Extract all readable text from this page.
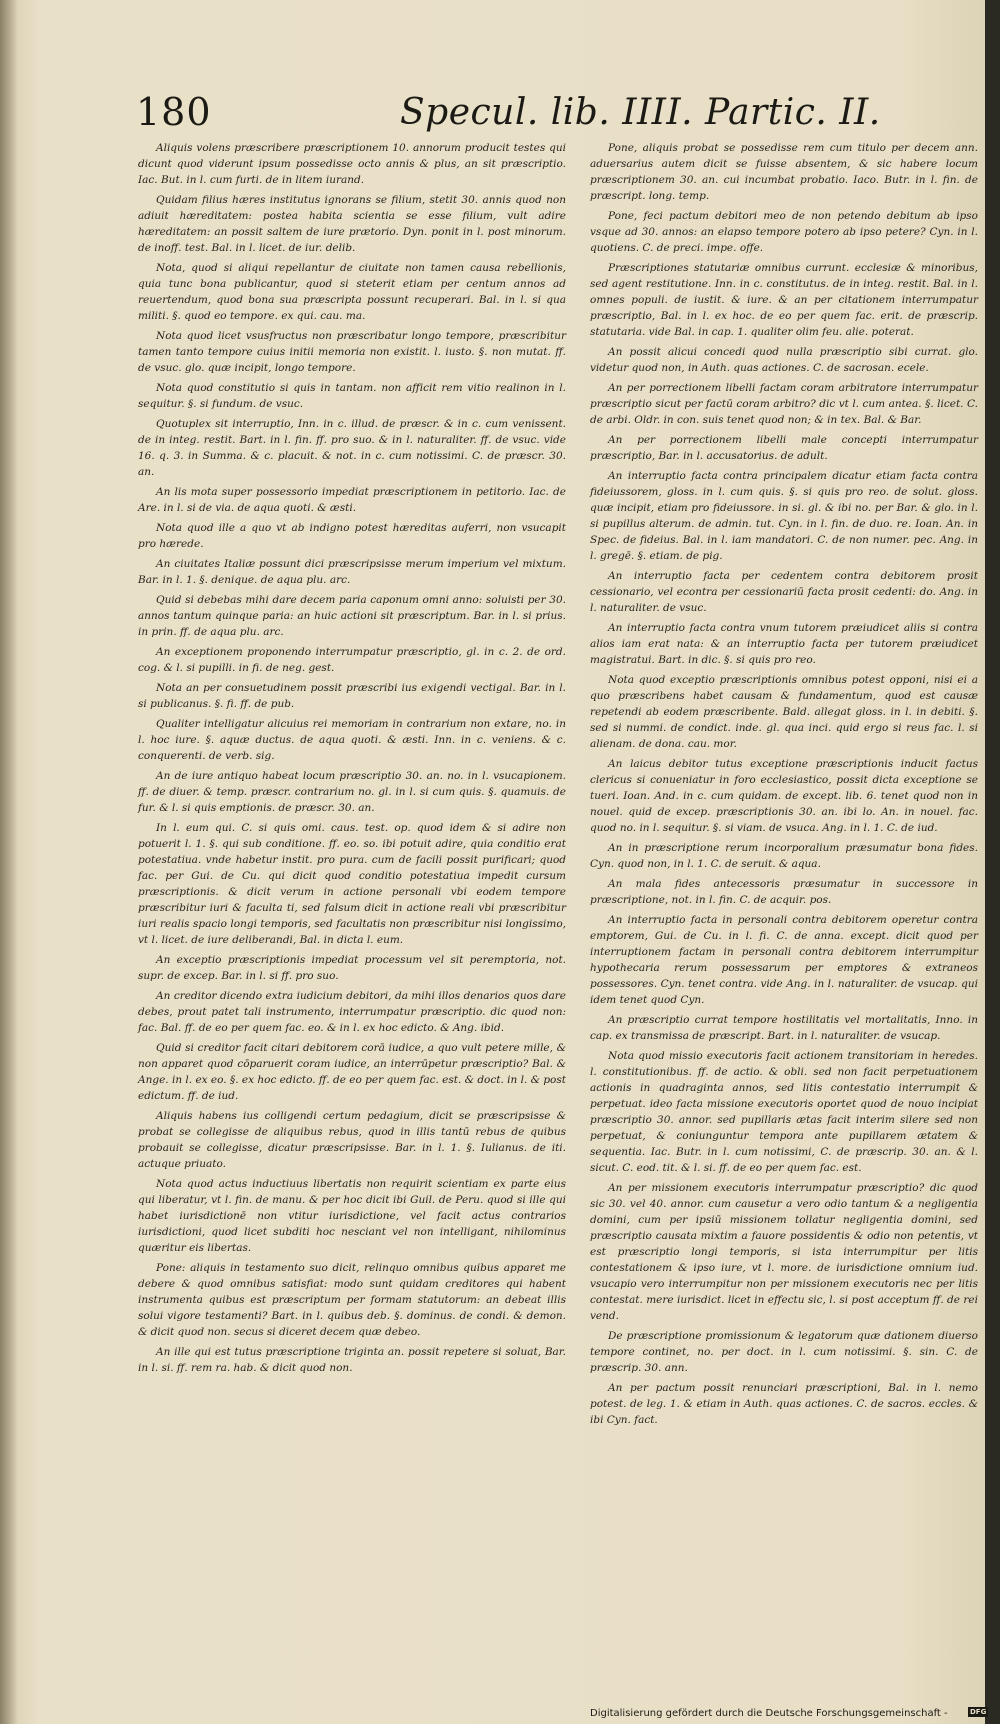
180	Specul. lib. IIII. Partic. II.

Aliquis volens præscribere præscriptionem 10. annorum producit testes qui dicunt quod viderunt ipsum possedisse octo annis & plus, an sit præscriptio. Iac. But. in l. cum furti. de in litem iurand.

Quidam filius hæres institutus ignorans se filium, stetit 30. annis quod non adiuit hæreditatem: postea habita scientia se esse filium, vult adire hæreditatem: an possit saltem de iure prætorio. Dyn. ponit in l. post minorum. de inoff. test. Bal. in l. licet. de iur. delib.

Nota, quod si aliqui repellantur de ciuitate non tamen causa rebellionis, quia tunc bona publicantur, quod si steterit etiam per centum annos ad reuertendum, quod bona sua præscripta possunt recuperari. Bal. in l. si qua militi. §. quod eo tempore. ex qui. cau. ma.

Nota quod licet vsusfructus non præscribatur longo tempore, præscribitur tamen tanto tempore cuius initii memoria non existit. l. iusto. §. non mutat. ff. de vsuc. glo. quæ incipit, longo tempore.

Nota quod constitutio si quis in tantam. non afficit rem vitio realinon in l. sequitur. §. si fundum. de vsuc.

Quotuplex sit interruptio, Inn. in c. illud. de præscr. & in c. cum venissent. de in integ. restit. Bart. in l. fin. ff. pro suo. & in l. naturaliter. ff. de vsuc. vide 16. q. 3. in Summa. & c. placuit. & not. in c. cum notissimi. C. de præscr. 30. an.

An lis mota super possessorio impediat præscriptionem in petitorio. Iac. de Are. in l. si de via. de aqua quoti. & æsti.

Nota quod ille a quo vt ab indigno potest hæreditas auferri, non vsucapit pro hærede.

An ciuitates Italiæ possunt dici præscripsisse merum imperium vel mixtum. Bar. in l. 1. §. denique. de aqua plu. arc.

Quid si debebas mihi dare decem paria caponum omni anno: soluisti per 30. annos tantum quinque paria: an huic actioni sit præscriptum. Bar. in l. si prius. in prin. ff. de aqua plu. arc.

An exceptionem proponendo interrumpatur præscriptio, gl. in c. 2. de ord. cog. & l. si pupilli. in fi. de neg. gest.

Nota an per consuetudinem possit præscribi ius exigendi vectigal. Bar. in l. si publicanus. §. fi. ff. de pub.

Qualiter intelligatur alicuius rei memoriam in contrarium non extare, no. in l. hoc iure. §. aquæ ductus. de aqua quoti. & æsti. Inn. in c. veniens. & c. conquerenti. de verb. sig.

An de iure antiquo habeat locum præscriptio 30. an. no. in l. vsucapionem. ff. de diuer. & temp. præscr. contrarium no. gl. in l. si cum quis. §. quamuis. de fur. & l. si quis emptionis. de præscr. 30. an.

In l. eum qui. C. si quis omi. caus. test. op. quod idem & si adire non potuerit l. 1. §. qui sub conditione. ff. eo. so. ibi potuit adire, quia conditio erat potestatiua. vnde habetur instit. pro pura. cum de facili possit purificari; quod fac. per Gui. de Cu. qui dicit quod conditio potestatiua impedit cursum præscriptionis. & dicit verum in actione personali vbi eodem tempore præscribitur iuri & faculta ti, sed falsum dicit in actione reali vbi præscribitur iuri realis spacio longi temporis, sed facultatis non præscribitur nisi longissimo, vt l. licet. de iure deliberandi, Bal. in dicta l. eum.

An exceptio præscriptionis impediat processum vel sit peremptoria, not. supr. de excep. Bar. in l. si ff. pro suo.

An creditor dicendo extra iudicium debitori, da mihi illos denarios quos dare debes, prout patet tali instrumento, interrumpatur præscriptio. dic quod non: fac. Bal. ff. de eo per quem fac. eo. & in l. ex hoc edicto. & Ang. ibid.

Quid si creditor facit citari debitorem corā iudice, a quo vult petere mille, & non apparet quod cōparuerit coram iudice, an interrūpetur præscriptio? Bal. & Ange. in l. ex eo. §. ex hoc edicto. ff. de eo per quem fac. est. & doct. in l. & post edictum. ff. de iud.

Aliquis habens ius colligendi certum pedagium, dicit se præscripsisse & probat se collegisse de aliquibus rebus, quod in illis tantū rebus de quibus probauit se collegisse, dicatur præscripsisse. Bar. in l. 1. §. Iulianus. de iti. actuque priuato.

Nota quod actus inductiuus libertatis non requirit scientiam ex parte eius qui liberatur, vt l. fin. de manu. & per hoc dicit ibi Guil. de Peru. quod si ille qui habet iurisdictionē non vtitur iurisdictione, vel facit actus contrarios iurisdictioni, quod licet subditi hoc nesciant vel non intelligant, nihilominus quæritur eis libertas.

Pone: aliquis in testamento suo dicit, relinquo omnibus quibus apparet me debere & quod omnibus satisfiat: modo sunt quidam creditores qui habent instrumenta quibus est præscriptum per formam statutorum: an debeat illis solui vigore testamenti? Bart. in l. quibus deb. §. dominus. de condi. & demon. & dicit quod non. secus si diceret decem quæ debeo.

An ille qui est tutus præscriptione triginta an. possit repetere si soluat, Bar. in l. si. ff. rem ra. hab. & dicit quod non.

Pone, aliquis probat se possedisse rem cum titulo per decem ann. aduersarius autem dicit se fuisse absentem, & sic habere locum præscriptionem 30. an. cui incumbat probatio. Iaco. Butr. in l. fin. de præscript. long. temp.

Pone, feci pactum debitori meo de non petendo debitum ab ipso vsque ad 30. annos: an elapso tempore potero ab ipso petere? Cyn. in l. quotiens. C. de preci. impe. offe.

Præscriptiones statutariæ omnibus currunt. ecclesiæ & minoribus, sed agent restitutione. Inn. in c. constitutus. de in integ. restit. Bal. in l. omnes populi. de iustit. & iure. & an per citationem interrumpatur præscriptio, Bal. in l. ex hoc. de eo per quem fac. erit. de præscrip. statutaria. vide Bal. in cap. 1. qualiter olim feu. alie. poterat.

An possit alicui concedi quod nulla præscriptio sibi currat. glo. videtur quod non, in Auth. quas actiones. C. de sacrosan. ecele.

An per porrectionem libelli factam coram arbitratore interrumpatur præscriptio sicut per factū coram arbitro? dic vt l. cum antea. §. licet. C. de arbi. Oldr. in con. suis tenet quod non; & in tex. Bal. & Bar.

An per porrectionem libelli male concepti interrumpatur præscriptio, Bar. in l. accusatorius. de adult.

An interruptio facta contra principalem dicatur etiam facta contra fideiussorem, gloss. in l. cum quis. §. si quis pro reo. de solut. gloss. quæ incipit, etiam pro fideiussore. in si. gl. & ibi no. per Bar. & glo. in l. si pupillus alterum. de admin. tut. Cyn. in l. fin. de duo. re. Ioan. An. in Spec. de fideius. Bal. in l. iam mandatori. C. de non numer. pec. Ang. in l. gregē. §. etiam. de pig.

An interruptio facta per cedentem contra debitorem prosit cessionario, vel econtra per cessionariū facta prosit cedenti: do. Ang. in l. naturaliter. de vsuc.

An interruptio facta contra vnum tutorem præiudicet aliis si contra alios iam erat nata: & an interruptio facta per tutorem præiudicet magistratui. Bart. in dic. §. si quis pro reo.

Nota quod exceptio præscriptionis omnibus potest opponi, nisi ei a quo præscribens habet causam & fundamentum, quod est causæ repetendi ab eodem præscribente. Bald. allegat gloss. in l. in debiti. §. sed si nummi. de condict. inde. gl. qua inci. quid ergo si reus fac. l. si alienam. de dona. cau. mor.

An laicus debitor tutus exceptione præscriptionis inducit factus clericus si conueniatur in foro ecclesiastico, possit dicta exceptione se tueri. Ioan. And. in c. cum quidam. de except. lib. 6. tenet quod non in nouel. quid de excep. præscriptionis 30. an. ibi lo. An. in nouel. fac. quod no. in l. sequitur. §. si viam. de vsuca. Ang. in l. 1. C. de iud.

An in præscriptione rerum incorporalium præsumatur bona fides. Cyn. quod non, in l. 1. C. de seruit. & aqua.

An mala fides antecessoris præsumatur in successore in præscriptione, not. in l. fin. C. de acquir. pos.

An interruptio facta in personali contra debitorem operetur contra emptorem, Gui. de Cu. in l. fi. C. de anna. except. dicit quod per interruptionem factam in personali contra debitorem interrumpitur hypothecaria rerum possessarum per emptores & extraneos possessores. Cyn. tenet contra. vide Ang. in l. naturaliter. de vsucap. qui idem tenet quod Cyn.

An præscriptio currat tempore hostilitatis vel mortalitatis, Inno. in cap. ex transmissa de præscript. Bart. in l. naturaliter. de vsucap.

Nota quod missio executoris facit actionem transitoriam in heredes. l. constitutionibus. ff. de actio. & obli. sed non facit perpetuationem actionis in quadraginta annos, sed litis contestatio interrumpit & perpetuat. ideo facta missione executoris oportet quod de nouo incipiat præscriptio 30. annor. sed pupillaris ætas facit interim silere sed non perpetuat, & coniunguntur tempora ante pupillarem ætatem & sequentia. Iac. Butr. in l. cum notissimi, C. de præscrip. 30. an. & l. sicut. C. eod. tit. & l. si. ff. de eo per quem fac. est.

An per missionem executoris interrumpatur præscriptio? dic quod sic 30. vel 40. annor. cum causetur a vero odio tantum & a negligentia domini, cum per ipsiū missionem tollatur negligentia domini, sed præscriptio causata mixtim a fauore possidentis & odio non petentis, vt est præscriptio longi temporis, si ista interrumpitur per litis contestationem & ipso iure, vt l. more. de iurisdictione omnium iud. vsucapio vero interrumpitur non per missionem executoris nec per litis contestat. mere iurisdict. licet in effectu sic, l. si post acceptum ff. de rei vend.

De præscriptione promissionum & legatorum quæ dationem diuerso tempore continet, no. per doct. in l. cum notissimi. §. sin. C. de præscrip. 30. ann.

An per pactum possit renunciari præscriptioni, Bal. in l. nemo potest. de leg. 1. & etiam in Auth. quas actiones. C. de sacros. eccles. & ibi Cyn. fact.

Digitalisierung gefördert durch die Deutsche Forschungsgemeinschaft -	DFG
